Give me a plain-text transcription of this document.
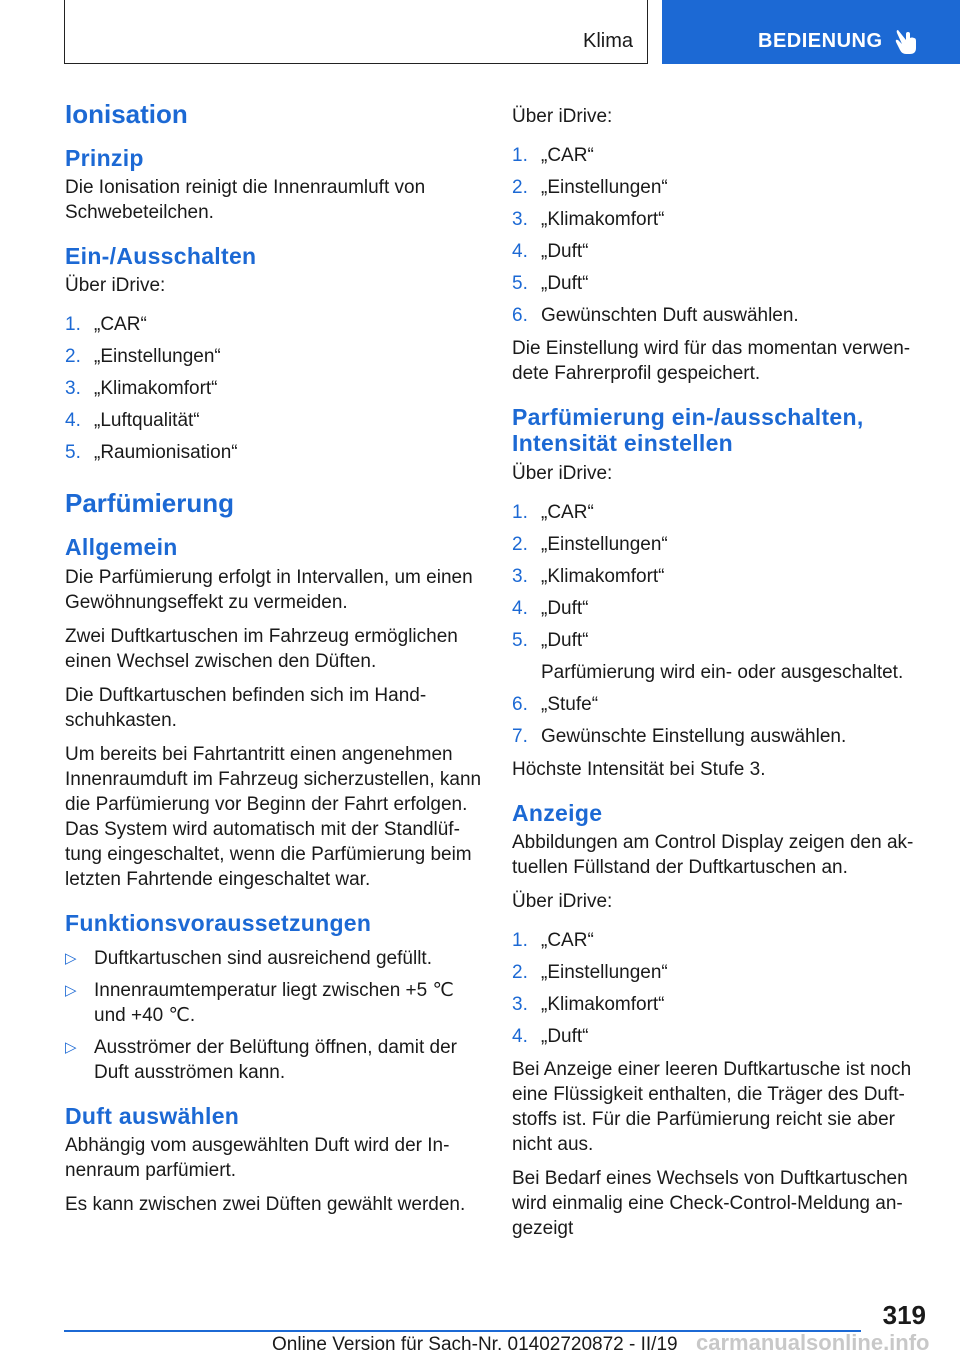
Klima	BEDIENUNG
Ionisation
Prinzip

Die Ionisation reinigt die Innenraumluft von Schwebeteilchen.

Ein-/Ausschalten

Über iDrive:

1. „CAR“
2. „Einstellungen“
3. „Klimakomfort“
4. „Luftqualität“
5. „Raumionisation“
Parfümierung
Allgemein

Die Parfümierung erfolgt in Intervallen, um einen Gewöhnungseffekt zu vermeiden.

Zwei Duftkartuschen im Fahrzeug ermöglichen einen Wechsel zwischen den Düften.

Die Duftkartuschen befinden sich im Hand-schuhkasten.

Um bereits bei Fahrtantritt einen angenehmen Innenraumduft im Fahrzeug sicherzustellen, kann die Parfümierung vor Beginn der Fahrt erfolgen. Das System wird automatisch mit der Standlüf-tung eingeschaltet, wenn die Parfümierung beim letzten Fahrtende eingeschaltet war.

Funktionsvoraussetzungen
▷ Duftkartuschen sind ausreichend gefüllt.
▷ Innenraumtemperatur liegt zwischen +5 ℃ und +40 ℃.
▷ Ausströmer der Belüftung öffnen, damit der Duft ausströmen kann.
Duft auswählen

Abhängig vom ausgewählten Duft wird der In-nenraum parfümiert.

Es kann zwischen zwei Düften gewählt werden.

Über iDrive:

1. „CAR“
2. „Einstellungen“
3. „Klimakomfort“
4. „Duft“
5. „Duft“
6. Gewünschten Duft auswählen.

Die Einstellung wird für das momentan verwen-dete Fahrerprofil gespeichert.

Parfümierung ein-/ausschalten, Intensität einstellen

Über iDrive:

1. „CAR“
2. „Einstellungen“
3. „Klimakomfort“
4. „Duft“
5. „Duft“
Parfümierung wird ein- oder ausgeschaltet.
6. „Stufe“
7. Gewünschte Einstellung auswählen.

Höchste Intensität bei Stufe 3.

Anzeige

Abbildungen am Control Display zeigen den ak-tuellen Füllstand der Duftkartuschen an.

Über iDrive:

1. „CAR“
2. „Einstellungen“
3. „Klimakomfort“
4. „Duft“

Bei Anzeige einer leeren Duftkartusche ist noch eine Flüssigkeit enthalten, die Träger des Duft-stoffs ist. Für die Parfümierung reicht sie aber nicht aus.

Bei Bedarf eines Wechsels von Duftkartuschen wird einmalig eine Check-Control-Meldung an-gezeigt

319
Online Version für Sach-Nr. 01402720872 - II/19 carmanualsonline.info
